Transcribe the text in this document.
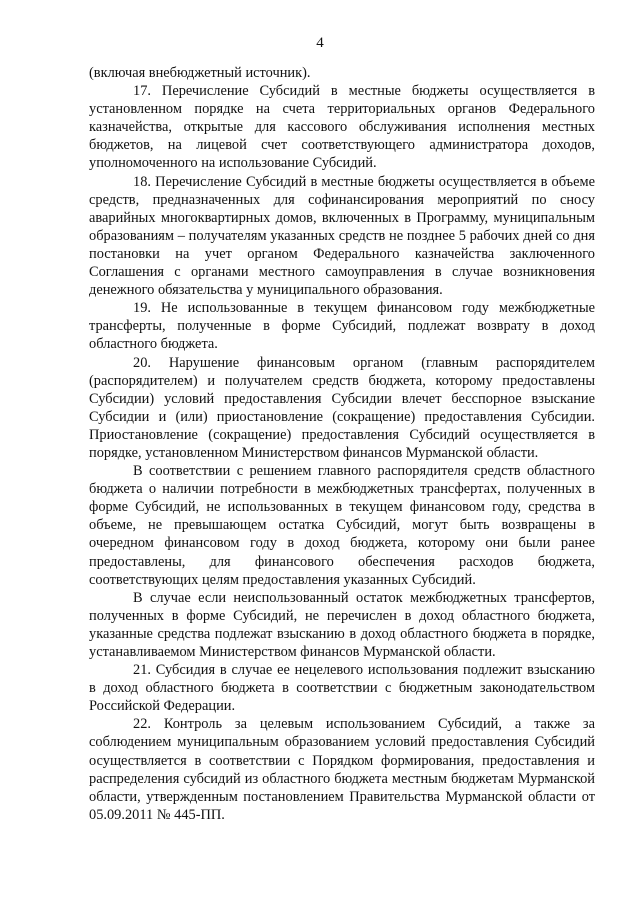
4

(включая внебюджетный источник).

17. Перечисление Субсидий в местные бюджеты осуществляется в установленном порядке на счета территориальных органов Федерального казначейства, открытые для кассового обслуживания исполнения местных бюджетов, на лицевой счет соответствующего администратора доходов, уполномоченного на использование Субсидий.

18. Перечисление Субсидий в местные бюджеты осуществляется в объеме средств, предназначенных для софинансирования мероприятий по сносу аварийных многоквартирных домов, включенных в Программу, муниципальным образованиям – получателям указанных средств не позднее 5 рабочих дней со дня постановки на учет органом Федерального казначейства заключенного Соглашения с органами местного самоуправления в случае возникновения денежного обязательства у муниципального образования.

19. Не использованные в текущем финансовом году межбюджетные трансферты, полученные в форме Субсидий, подлежат возврату в доход областного бюджета.

20. Нарушение финансовым органом (главным распорядителем (распорядителем) и получателем средств бюджета, которому предоставлены Субсидии) условий предоставления Субсидии влечет бесспорное взыскание Субсидии и (или) приостановление (сокращение) предоставления Субсидии. Приостановление (сокращение) предоставления Субсидий осуществляется в порядке, установленном Министерством финансов Мурманской области.

В соответствии с решением главного распорядителя средств областного бюджета о наличии потребности в межбюджетных трансфертах, полученных в форме Субсидий, не использованных в текущем финансовом году, средства в объеме, не превышающем остатка Субсидий, могут быть возвращены в очередном финансовом году в доход бюджета, которому они были ранее предоставлены, для финансового обеспечения расходов бюджета, соответствующих целям предоставления указанных Субсидий.

В случае если неиспользованный остаток межбюджетных трансфертов, полученных в форме Субсидий, не перечислен в доход областного бюджета, указанные средства подлежат взысканию в доход областного бюджета в порядке, устанавливаемом Министерством финансов Мурманской области.

21. Субсидия в случае ее нецелевого использования подлежит взысканию в доход областного бюджета в соответствии с бюджетным законодательством Российской Федерации.

22. Контроль за целевым использованием Субсидий, а также за соблюдением муниципальным образованием условий предоставления Субсидий осуществляется в соответствии с Порядком формирования, предоставления и распределения субсидий из областного бюджета местным бюджетам Мурманской области, утвержденным постановлением Правительства Мурманской области от 05.09.2011 № 445-ПП.
